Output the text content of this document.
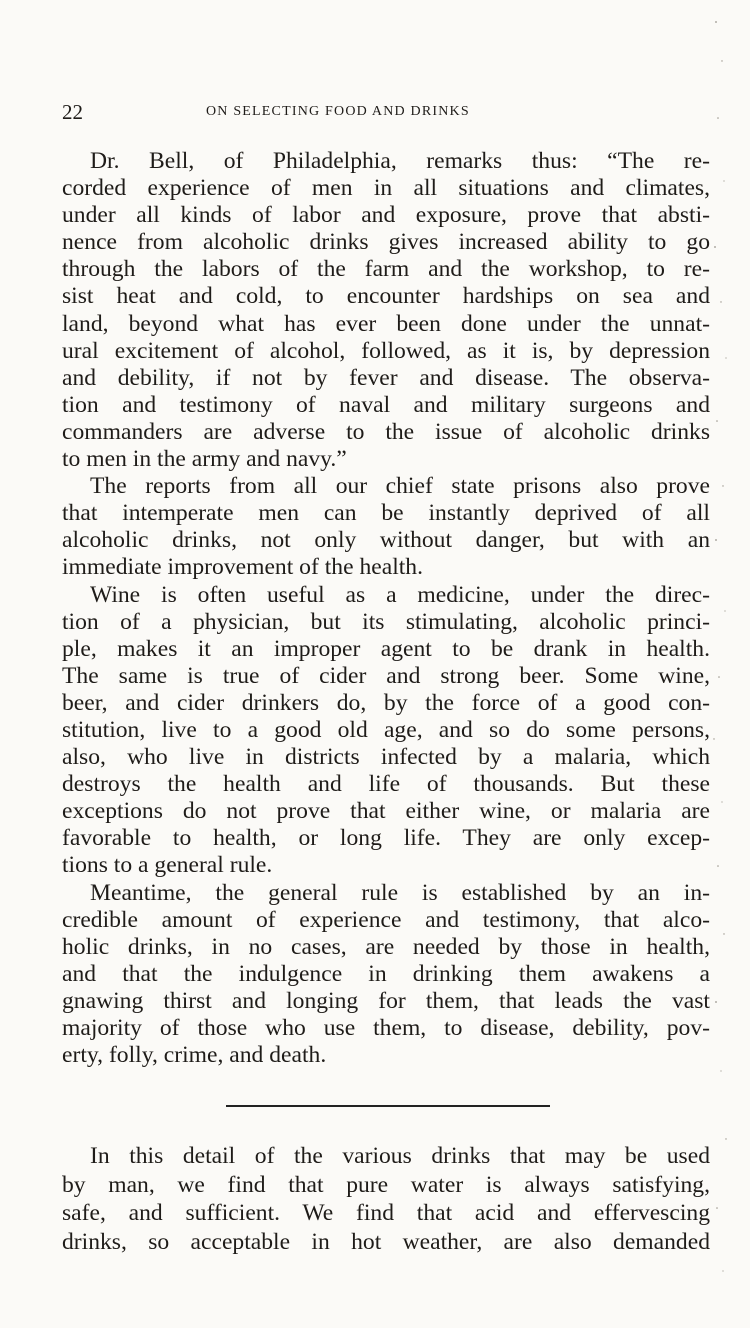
22	ON SELECTING FOOD AND DRINKS
Dr. Bell, of Philadelphia, remarks thus: “The re-
corded experience of men in all situations and climates,
under all kinds of labor and exposure, prove that absti-
nence from alcoholic drinks gives increased ability to go
through the labors of the farm and the workshop, to re-
sist heat and cold, to encounter hardships on sea and
land, beyond what has ever been done under the unnat-
ural excitement of alcohol, followed, as it is, by depression
and debility, if not by fever and disease. The observa-
tion and testimony of naval and military surgeons and
commanders are adverse to the issue of alcoholic drinks
to men in the army and navy.”
The reports from all our chief state prisons also prove
that intemperate men can be instantly deprived of all
alcoholic drinks, not only without danger, but with an
immediate improvement of the health.
Wine is often useful as a medicine, under the direc-
tion of a physician, but its stimulating, alcoholic princi-
ple, makes it an improper agent to be drank in health.
The same is true of cider and strong beer. Some wine,
beer, and cider drinkers do, by the force of a good con-
stitution, live to a good old age, and so do some persons,
also, who live in districts infected by a malaria, which
destroys the health and life of thousands. But these
exceptions do not prove that either wine, or malaria are
favorable to health, or long life. They are only excep-
tions to a general rule.
Meantime, the general rule is established by an in-
credible amount of experience and testimony, that alco-
holic drinks, in no cases, are needed by those in health,
and that the indulgence in drinking them awakens a
gnawing thirst and longing for them, that leads the vast
majority of those who use them, to disease, debility, pov-
erty, folly, crime, and death.
In this detail of the various drinks that may be used
by man, we find that pure water is always satisfying,
safe, and sufficient. We find that acid and effervescing
drinks, so acceptable in hot weather, are also demanded
